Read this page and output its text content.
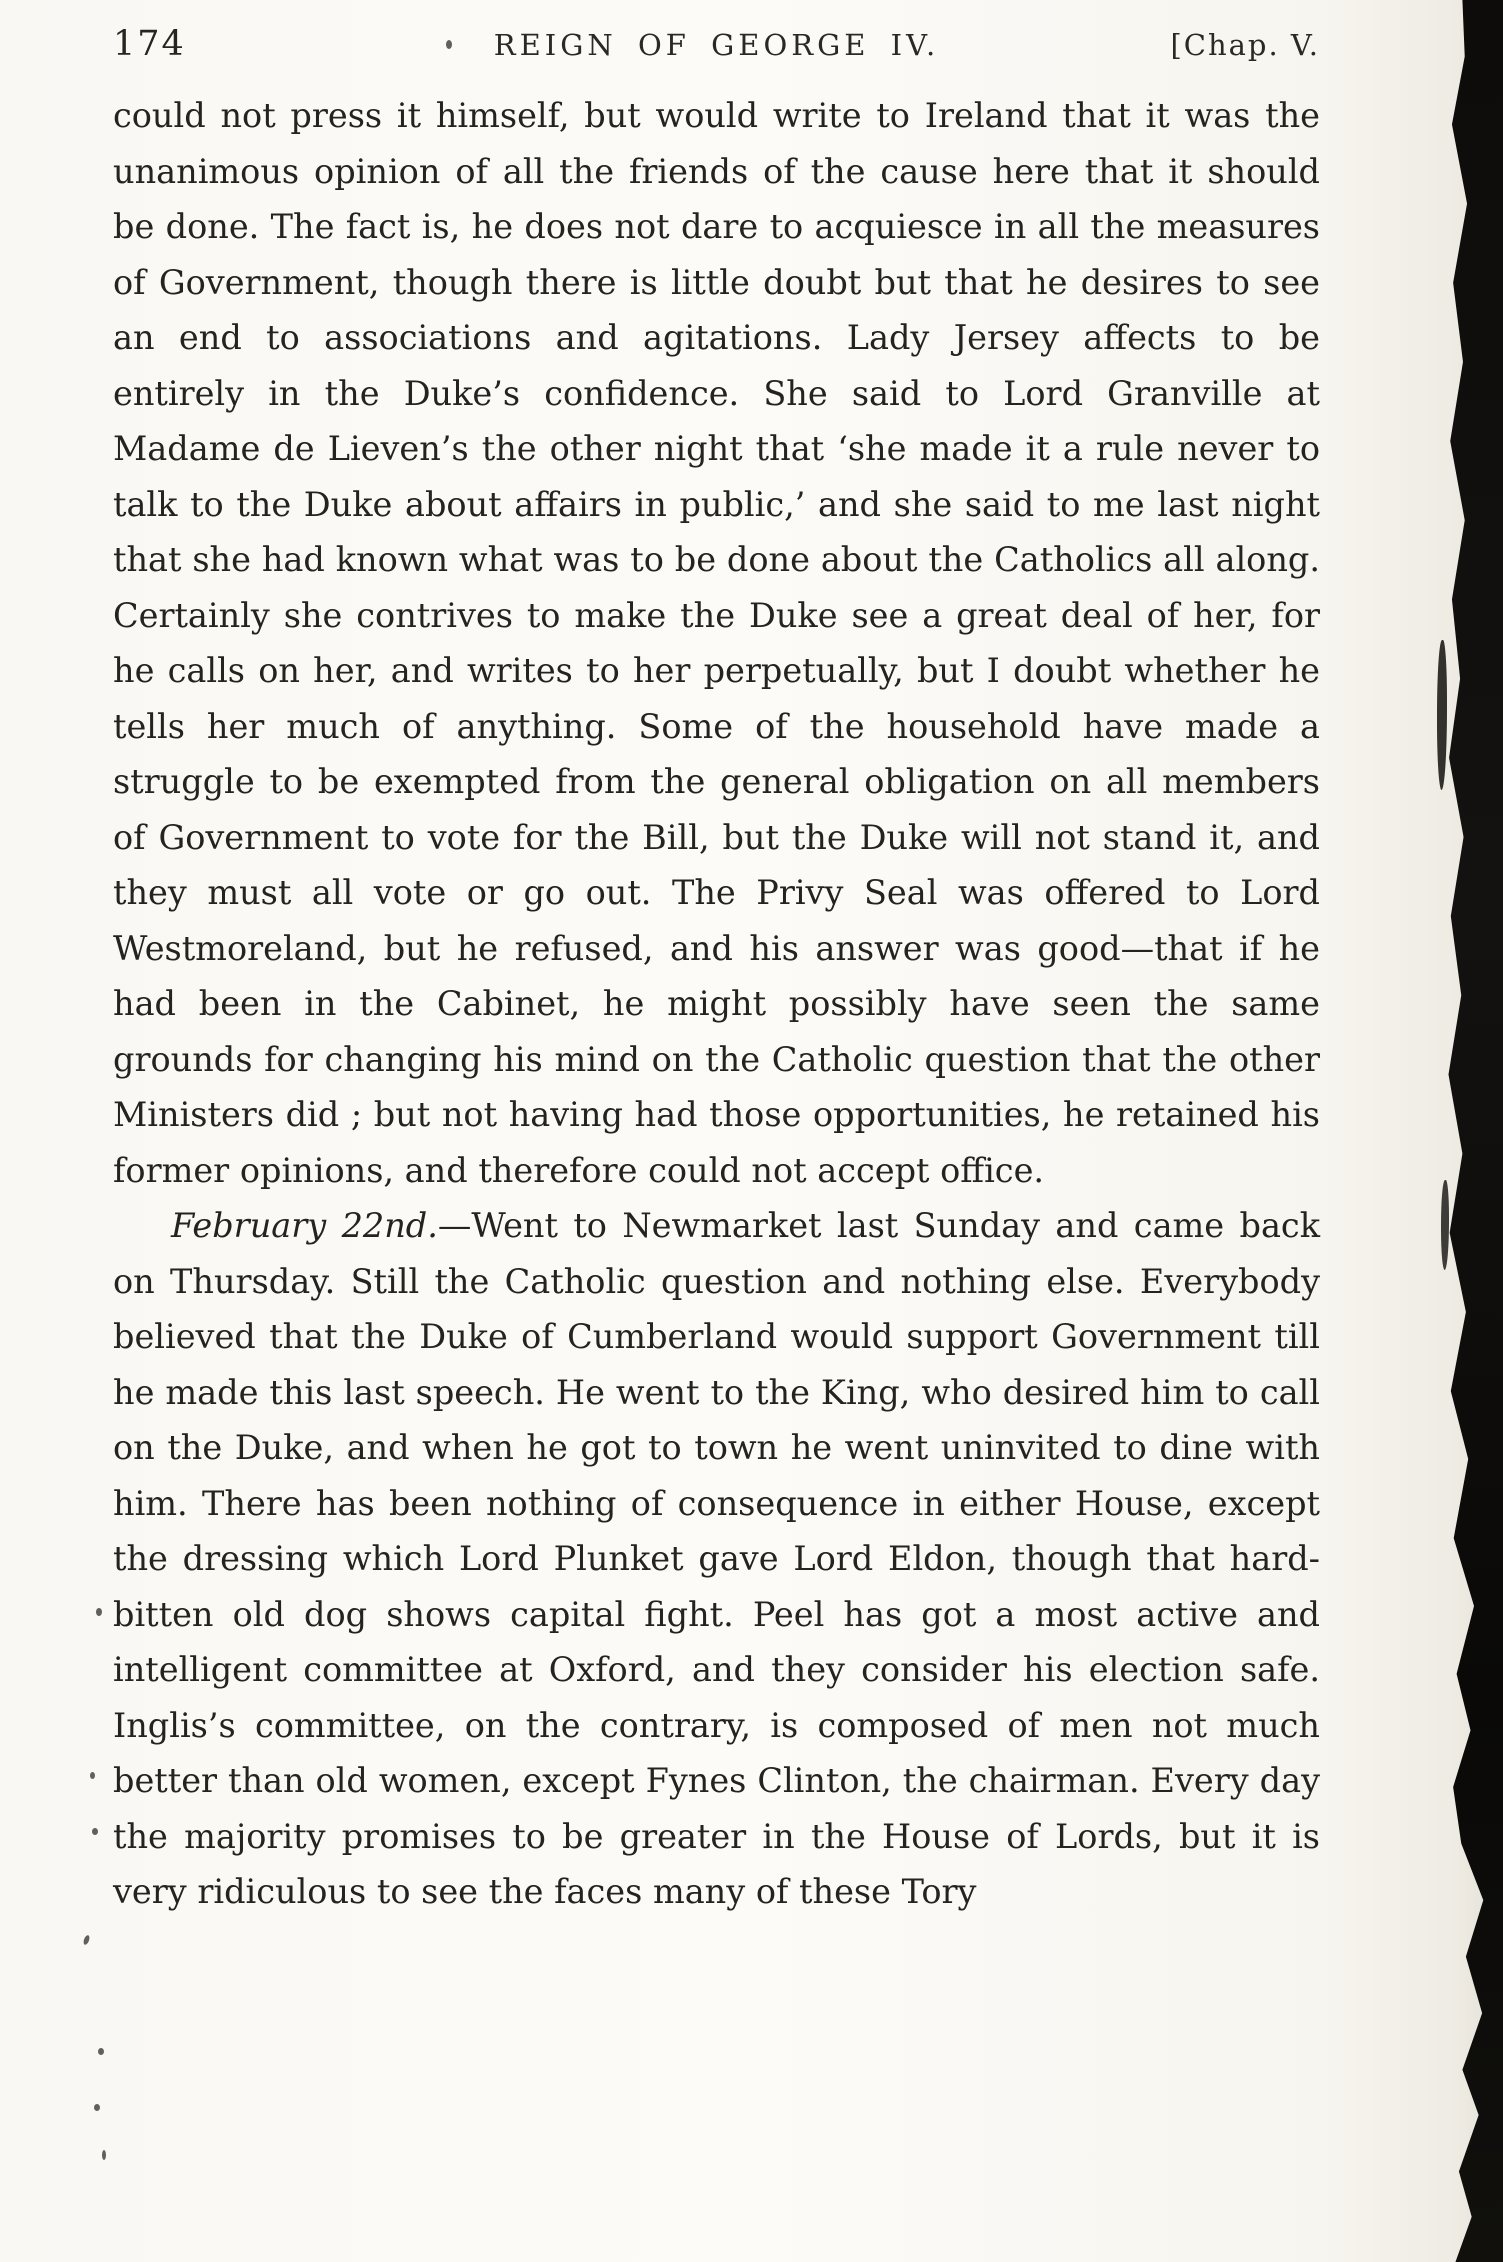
174	REIGN OF GEORGE IV.	[Chap. V.

could not press it himself, but would write to Ireland that it was the unanimous opinion of all the friends of the cause here that it should be done. The fact is, he does not dare to acquiesce in all the measures of Government, though there is little doubt but that he desires to see an end to associations and agitations. Lady Jersey affects to be entirely in the Duke’s confidence. She said to Lord Granville at Madame de Lieven’s the other night that ‘she made it a rule never to talk to the Duke about affairs in public,’ and she said to me last night that she had known what was to be done about the Catholics all along. Certainly she contrives to make the Duke see a great deal of her, for he calls on her, and writes to her perpetually, but I doubt whether he tells her much of anything. Some of the household have made a struggle to be exempted from the general obligation on all members of Government to vote for the Bill, but the Duke will not stand it, and they must all vote or go out. The Privy Seal was offered to Lord Westmoreland, but he refused, and his answer was good—that if he had been in the Cabinet, he might possibly have seen the same grounds for changing his mind on the Catholic question that the other Ministers did ; but not having had those opportunities, he retained his former opinions, and therefore could not accept office.

February 22nd.—Went to Newmarket last Sunday and came back on Thursday. Still the Catholic question and nothing else. Everybody believed that the Duke of Cumberland would support Government till he made this last speech. He went to the King, who desired him to call on the Duke, and when he got to town he went uninvited to dine with him. There has been nothing of consequence in either House, except the dressing which Lord Plunket gave Lord Eldon, though that hard-bitten old dog shows capital fight. Peel has got a most active and intelligent committee at Oxford, and they consider his election safe. Inglis’s committee, on the contrary, is composed of men not much better than old women, except Fynes Clinton, the chairman. Every day the majority promises to be greater in the House of Lords, but it is very ridiculous to see the faces many of these Tory
